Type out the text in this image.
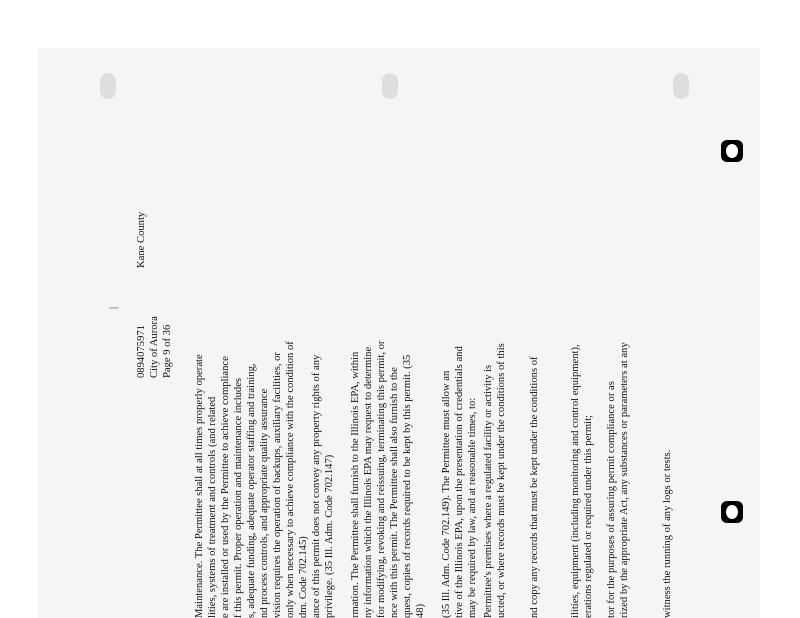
|
0894075971
Kane County
City of Aurora Page 9 of 36
Maintenance. The Permittee shall at all times properly operate lities, systems of treatment and controls (and related e are installed or used by the Permittee to achieve compliance f this permit. Proper operation and maintenance includes s, adequate funding, adequate operator staffing and training, nd process controls, and appropriate quality assurance vision requires the operation of backups, auxiliary facilities, or only when necessary to achieve compliance with the condition of dm. Code 702.145) ance of this permit does not convey any property rights of any privilege. (35 Ill. Adm. Code 702.147) rmation. The Permittee shall furnish to the Illinois EPA, within ny information which the Illinois EPA may request to determine for modifying, revoking and reissuing, terminating this permit, or nce with this permit. The Permittee shall also furnish to the quest, copies of records required to be kept by this permit. (35 48) (35 Ill. Adm. Code 702.149). The Permittee must allow an tive of the Illinois EPA, upon the presentation of credentials and may be required by law, and at reasonable times, to: Permittee's premises where a regulated facility or activity is ucted, or where records must be kept under the conditions of this nd copy any records that must be kept under the conditions of	ilities, equipment (including monitoring and control equipment), erations regulated or required under this permit; tor for the purposes of assuring permit compliance or as rized by the appropriate Act, any substances or parameters at any	witness the running of any logs or tests.
